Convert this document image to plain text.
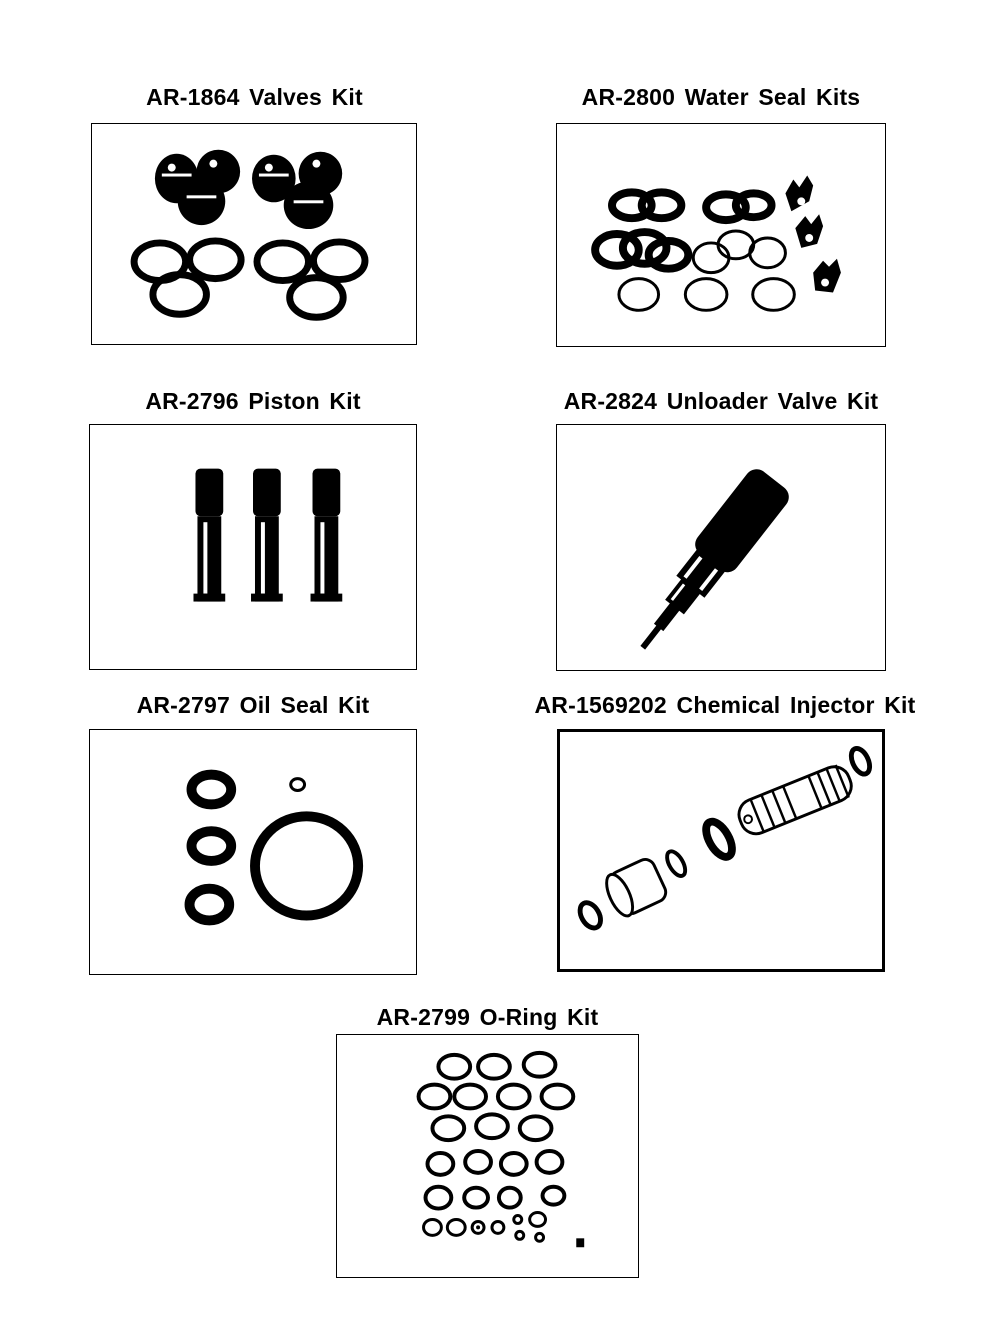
AR-1864 Valves Kit	AR-2800 Water Seal Kits
AR-2796 Piston Kit	AR-2824 Unloader Valve Kit
AR-2797 Oil Seal Kit	AR-1569202 Chemical Injector Kit
AR-2799 O-Ring Kit
